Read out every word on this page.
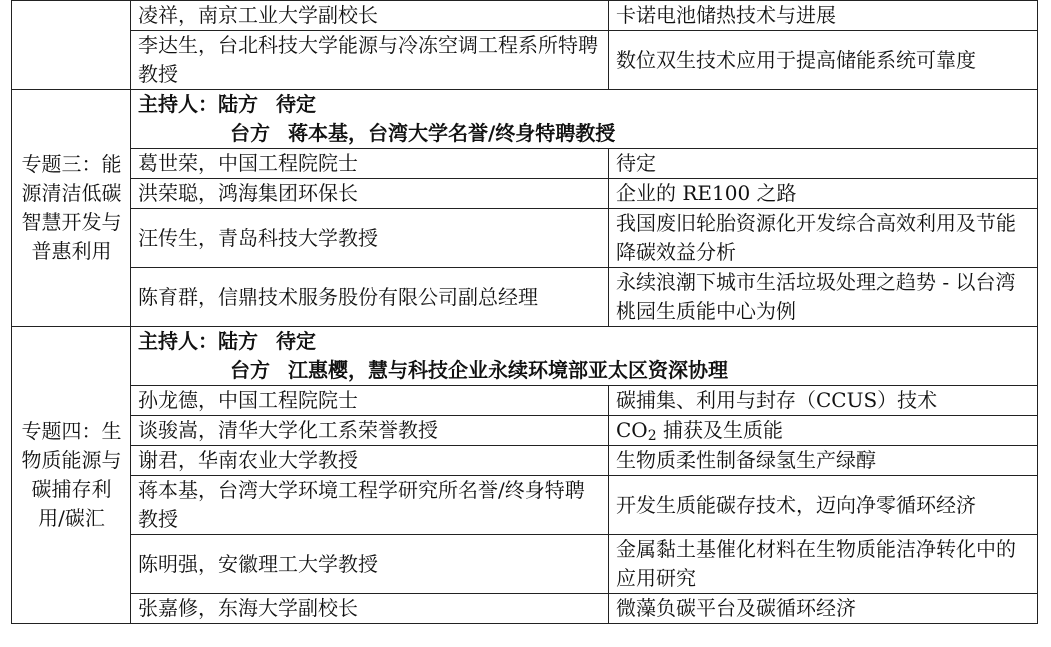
	凌祥，南京工业大学副校长	卡诺电池储热技术与进展
	李达生，台北科技大学能源与冷冻空调工程系所特聘教授	数位双生技术应用于提高储能系统可靠度
专题三：能源清洁低碳智慧开发与普惠利用	主持人：陆方 待定
台方 蒋本基，台湾大学名誉/终身特聘教授	

	葛世荣，中国工程院院士	待定
	洪荣聪，鸿海集团环保长	企业的 RE100 之路
	汪传生，青岛科技大学教授	我国废旧轮胎资源化开发综合高效利用及节能降碳效益分析
	陈育群，信鼎技术服务股份有限公司副总经理	永续浪潮下城市生活垃圾处理之趋势 - 以台湾桃园生质能中心为例
专题四：生物质能源与碳捕存利用/碳汇	主持人：陆方 待定
台方 江惠樱，慧与科技企业永续环境部亚太区资深协理	

	孙龙德，中国工程院院士	碳捕集、利用与封存（CCUS）技术
	谈骏嵩，清华大学化工系荣誉教授	$CO_2$ 捕获及生质能
	谢君，华南农业大学教授	生物质柔性制备绿氢生产绿醇
	蒋本基，台湾大学环境工程学研究所名誉/终身特聘教授	开发生质能碳存技术，迈向净零循环经济
	陈明强，安徽理工大学教授	金属黏土基催化材料在生物质能洁净转化中的应用研究
	张嘉修，东海大学副校长	微藻负碳平台及碳循环经济
